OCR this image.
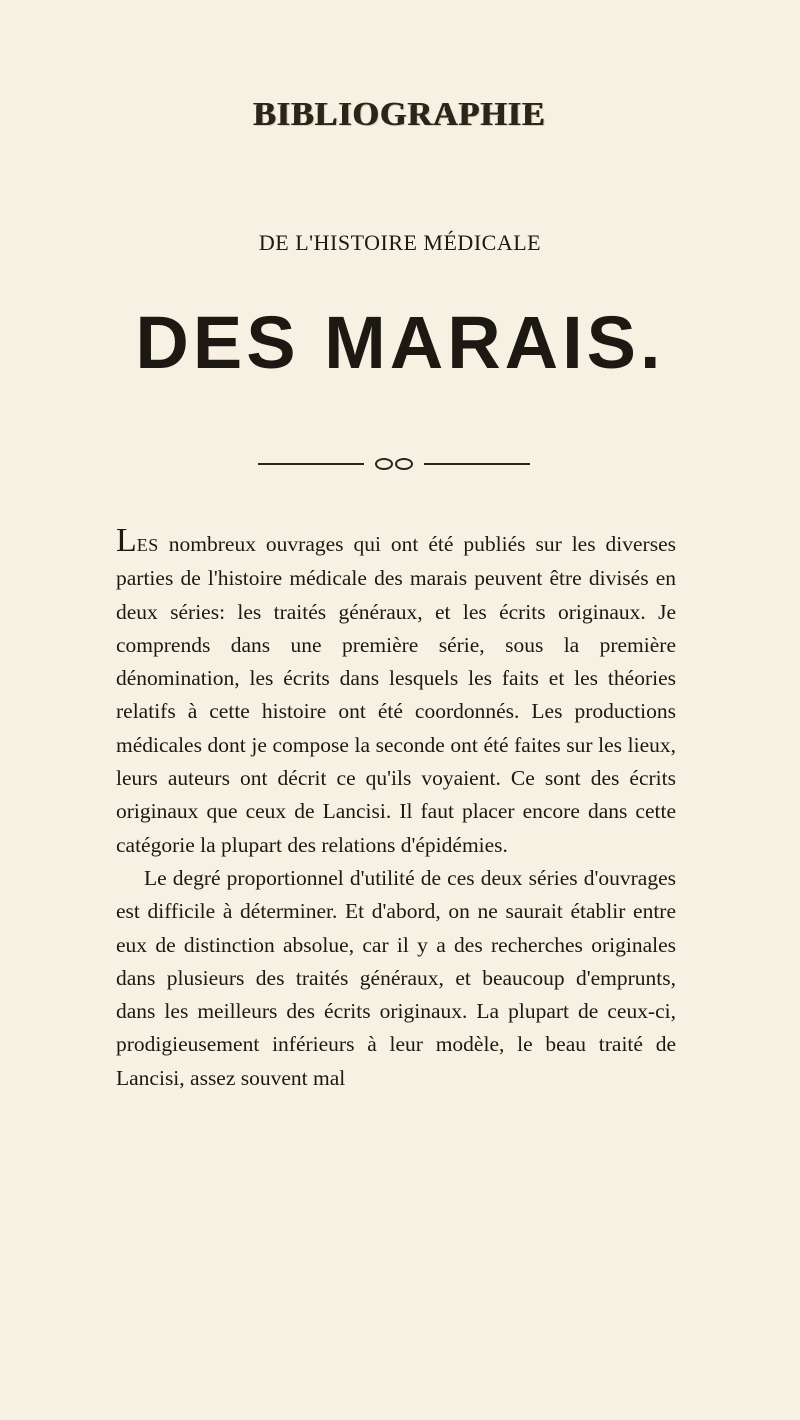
BIBLIOGRAPHIE
DE L'HISTOIRE MÉDICALE
DES MARAIS.

LES nombreux ouvrages qui ont été publiés sur les diverses parties de l'histoire médicale des marais peuvent être divisés en deux séries: les traités généraux, et les écrits originaux. Je comprends dans une première série, sous la première dénomination, les écrits dans lesquels les faits et les théories relatifs à cette histoire ont été coordonnés. Les productions médicales dont je compose la seconde ont été faites sur les lieux, leurs auteurs ont décrit ce qu'ils voyaient. Ce sont des écrits originaux que ceux de Lancisi. Il faut placer encore dans cette catégorie la plupart des relations d'épidémies.

Le degré proportionnel d'utilité de ces deux séries d'ouvrages est difficile à déterminer. Et d'abord, on ne saurait établir entre eux de distinction absolue, car il y a des recherches originales dans plusieurs des traités généraux, et beaucoup d'emprunts, dans les meilleurs des écrits originaux. La plupart de ceux-ci, prodigieusement inférieurs à leur modèle, le beau traité de Lancisi, assez souvent mal
